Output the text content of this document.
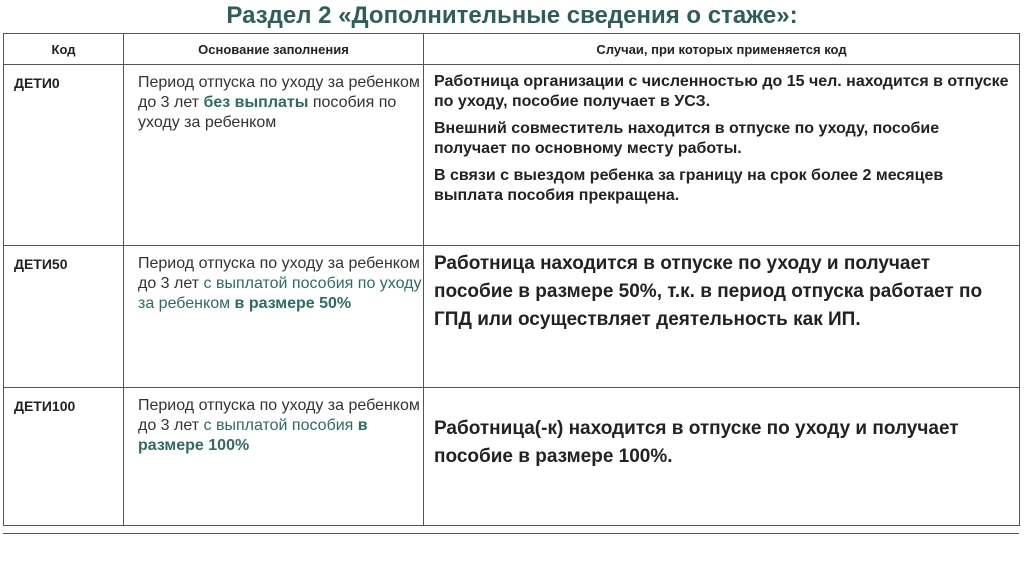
Раздел 2 «Дополнительные сведения о стаже»:
Код	Основание заполнения	Случаи, при которых применяется код
ДЕТИ0	Период отпуска по уходу за ребенком до 3 лет без выплаты пособия по уходу за ребенком	Работница организации с численностью до 15 чел. находится в отпуске по уходу, пособие получает в УСЗ.
Внешний совместитель находится в отпуске по уходу, пособие получает по основному месту работы.
В связи с выездом ребенка за границу на срок более 2 месяцев выплата пособия прекращена.

ДЕТИ50	Период отпуска по уходу за ребенком до 3 лет с выплатой пособия по уходу за ребенком в размере 50%	Работница находится в отпуске по уходу и получает пособие в размере 50%, т.к. в период отпуска работает по ГПД или осуществляет деятельность как ИП.

ДЕТИ100	Период отпуска по уходу за ребенком до 3 лет с выплатой пособия в размере 100%	Работница(-к) находится в отпуске по уходу и получает пособие в размере 100%.
